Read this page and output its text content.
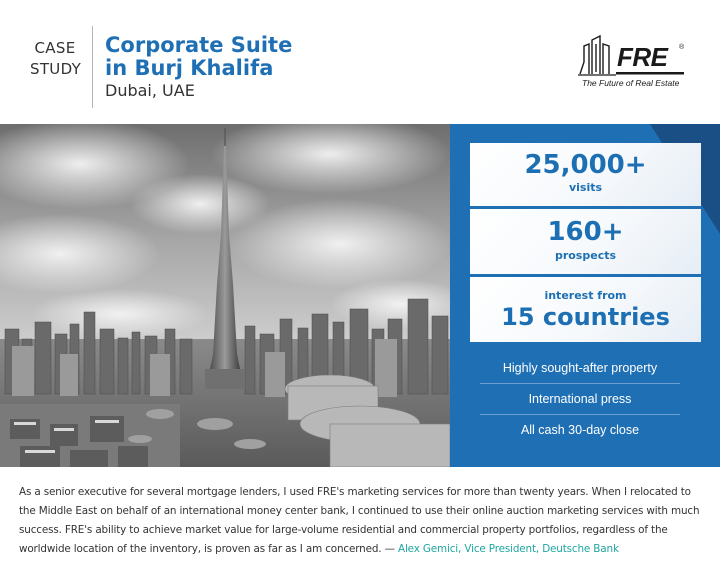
CASE
STUDY
Corporate Suite
in Burj Khalifa
Dubai, UAE
FRE ®
The Future of Real Estate
25,000+
visits
160+
prospects
interest from
15 countries
Highly sought-after property
International press
All cash 30-day close
As a senior executive for several mortgage lenders, I used FRE's marketing services for more than twenty years. When I relocated to the Middle East on behalf of an international money center bank, I continued to use their online auction marketing services with much success. FRE's ability to achieve market value for large-volume residential and commercial property portfolios, regardless of the worldwide location of the inventory, is proven as far as I am concerned. — Alex Gemici, Vice President, Deutsche Bank
